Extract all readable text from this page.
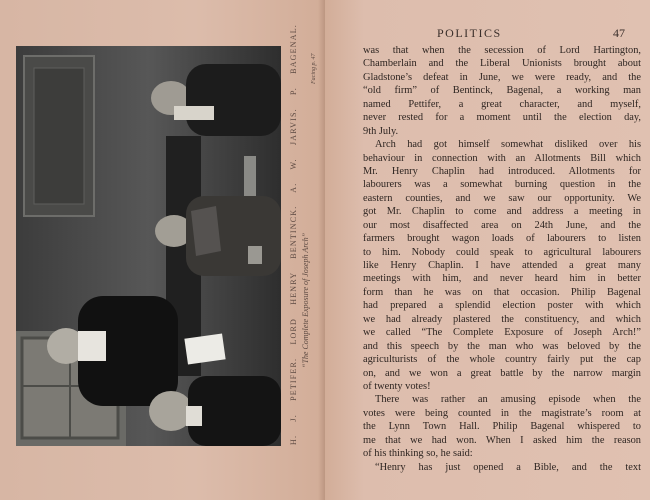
H. J. PETIFER. LORD HENRY BENTINCK. A. W. JARVIS. P. BAGENAL.
“The Complete Exposure of Joseph Arch”
Facing p. 47
POLITICS	47
was that when the secession of Lord Hartington,
Chamberlain and the Liberal Unionists brought about
Gladstone’s defeat in June, we were ready, and the
“old firm” of Bentinck, Bagenal, a working man
named Pettifer, a great character, and myself,
never rested for a moment until the election day,
9th July.
Arch had got himself somewhat disliked over his
behaviour in connection with an Allotments Bill which
Mr. Henry Chaplin had introduced. Allotments for
labourers was a somewhat burning question in the
eastern counties, and we saw our opportunity. We
got Mr. Chaplin to come and address a meeting in
our most disaffected area on 24th June, and the
farmers brought wagon loads of labourers to listen
to him. Nobody could speak to agricultural labourers
like Henry Chaplin. I have attended a great many
meetings with him, and never heard him in better
form than he was on that occasion. Philip Bagenal
had prepared a splendid election poster with which
we had already plastered the constituency, and which
we called “The Complete Exposure of Joseph Arch!”
and this speech by the man who was beloved by the
agriculturists of the whole country fairly put the cap
on, and we won a great battle by the narrow margin
of twenty votes!
There was rather an amusing episode when the
votes were being counted in the magistrate’s room at
the Lynn Town Hall. Philip Bagenal whispered to
me that we had won. When I asked him the reason
of his thinking so, he said:
“Henry has just opened a Bible, and the text
